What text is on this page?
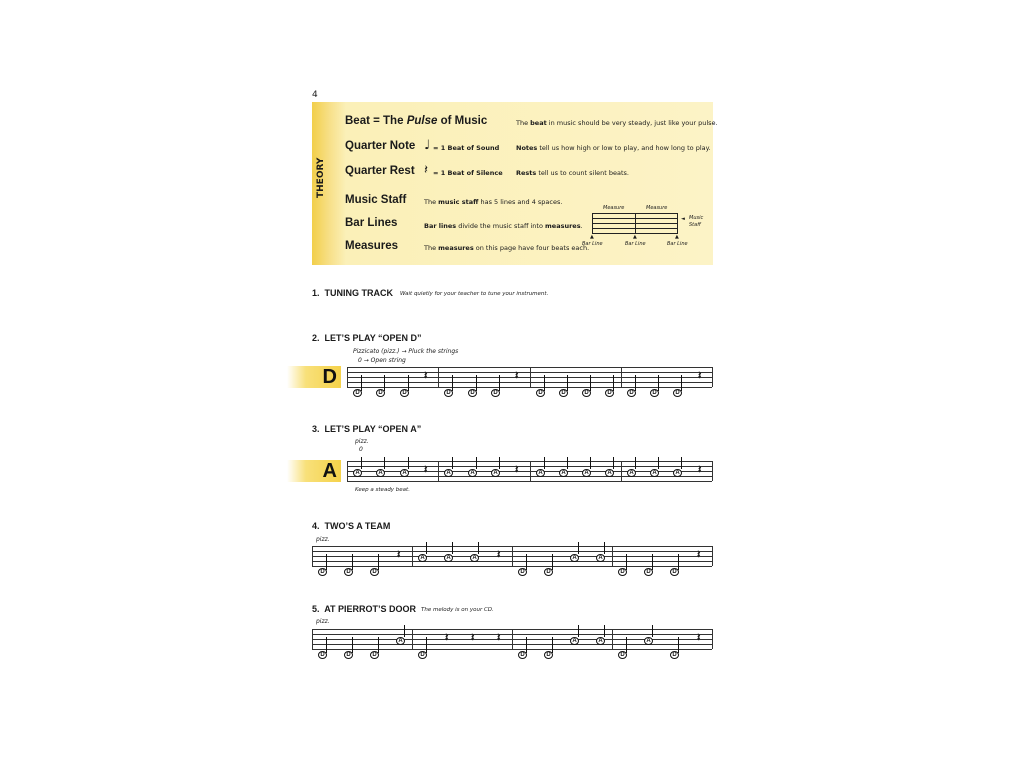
4
THEORY
Beat = The Pulse of Music	The beat in music should be very steady, just like your pulse.
Quarter Note ♩ = 1 Beat of Sound	Notes tell us how high or low to play, and how long to play.
Quarter Rest 𝄽 = 1 Beat of Silence Rests tell us to count silent beats.
Music Staff	The music staff has 5 lines and 4 spaces.
Bar Lines	Bar lines divide the music staff into measures.
Measures	The measures on this page have four beats each.
Measure	Measure
◄ Music
Staff
▲	▲	▲
Bar Line	Bar Line	Bar Line
1. TUNING TRACK Wait quietly for your teacher to tune your instrument.
2. LET’S PLAY “OPEN D”
Pizzicato (pizz.) → Pluck the strings
0 → Open string
D
D	D	D
𝄽
D	D	D
𝄽
D	D	D	D	D	D	D
𝄽
3. LET’S PLAY “OPEN A”
pizz.
0
A	A	A	A 𝄽	A	A	A 𝄽	A	A	A	A	A	A	A 𝄽
Keep a steady beat.
4. TWO’S A TEAM
pizz.
D	D	D
𝄽	A	A	A 𝄽
D	D
A	A
D	D	D
𝄽
5. AT PIERROT’S DOOR The melody is on your CD.
pizz.
D	D	D
A
D
𝄽 𝄽 𝄽
D	D
A	A
D
A
D
𝄽
